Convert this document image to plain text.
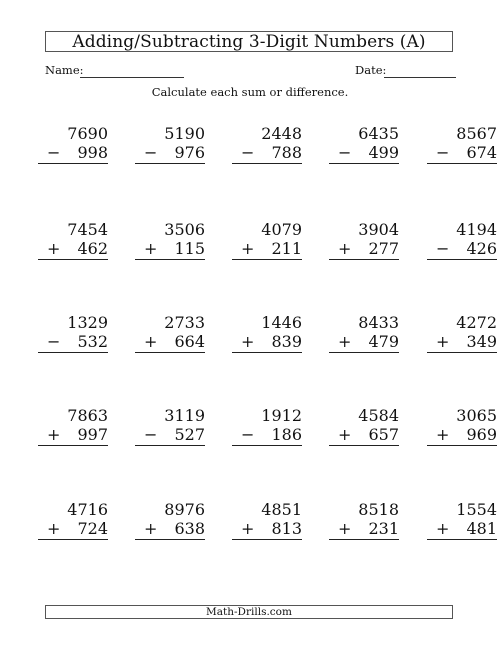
Adding/Subtracting 3-Digit Numbers (A)
Name:	Date:
Calculate each sum or difference.
7690
− 998
5190
− 976
2448
− 788
6435
− 499
8567
− 674
7454
+ 462
3506
+ 115
4079
+ 211
3904
+ 277
4194
− 426
1329
− 532
2733
+ 664
1446
+ 839
8433
+ 479
4272
+ 349
7863
+ 997
3119
− 527
1912
− 186
4584
+ 657
3065
+ 969
4716
+ 724
8976
+ 638
4851
+ 813
8518
+ 231
1554
+ 481
Math-Drills.com
